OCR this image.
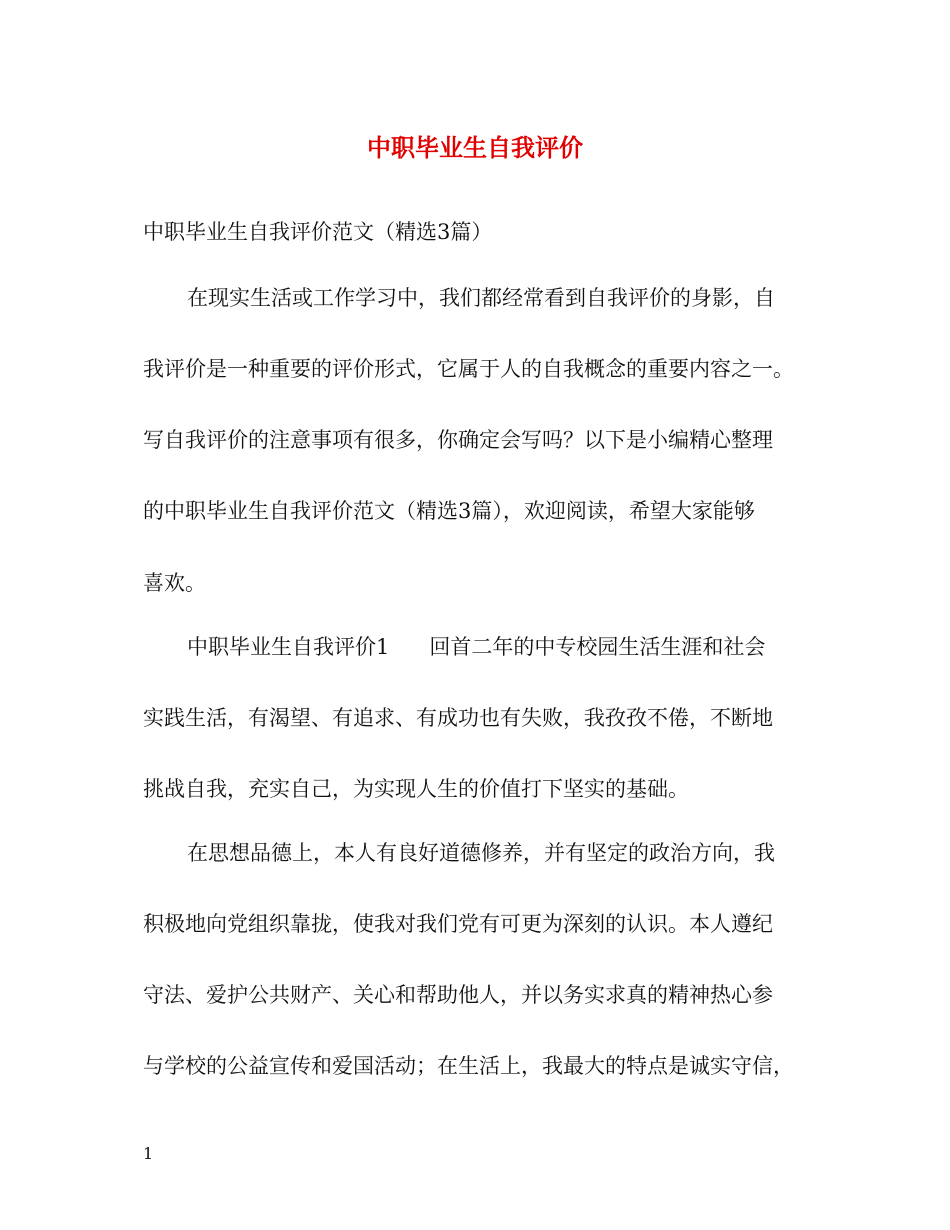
中职毕业生自我评价

中职毕业生自我评价范文（精选3篇）

在现实生活或工作学习中，我们都经常看到自我评价的身影，自

我评价是一种重要的评价形式，它属于人的自我概念的重要内容之一。

写自我评价的注意事项有很多，你确定会写吗？以下是小编精心整理

的中职毕业生自我评价范文（精选3篇），欢迎阅读，希望大家能够

喜欢。

中职毕业生自我评价1 回首二年的中专校园生活生涯和社会

实践生活，有渴望、有追求、有成功也有失败，我孜孜不倦，不断地

挑战自我，充实自己，为实现人生的价值打下坚实的基础。

在思想品德上，本人有良好道德修养，并有坚定的政治方向，我

积极地向党组织靠拢，使我对我们党有可更为深刻的认识。本人遵纪

守法、爱护公共财产、关心和帮助他人，并以务实求真的精神热心参

与学校的公益宣传和爱国活动；在生活上，我最大的特点是诚实守信，

1
